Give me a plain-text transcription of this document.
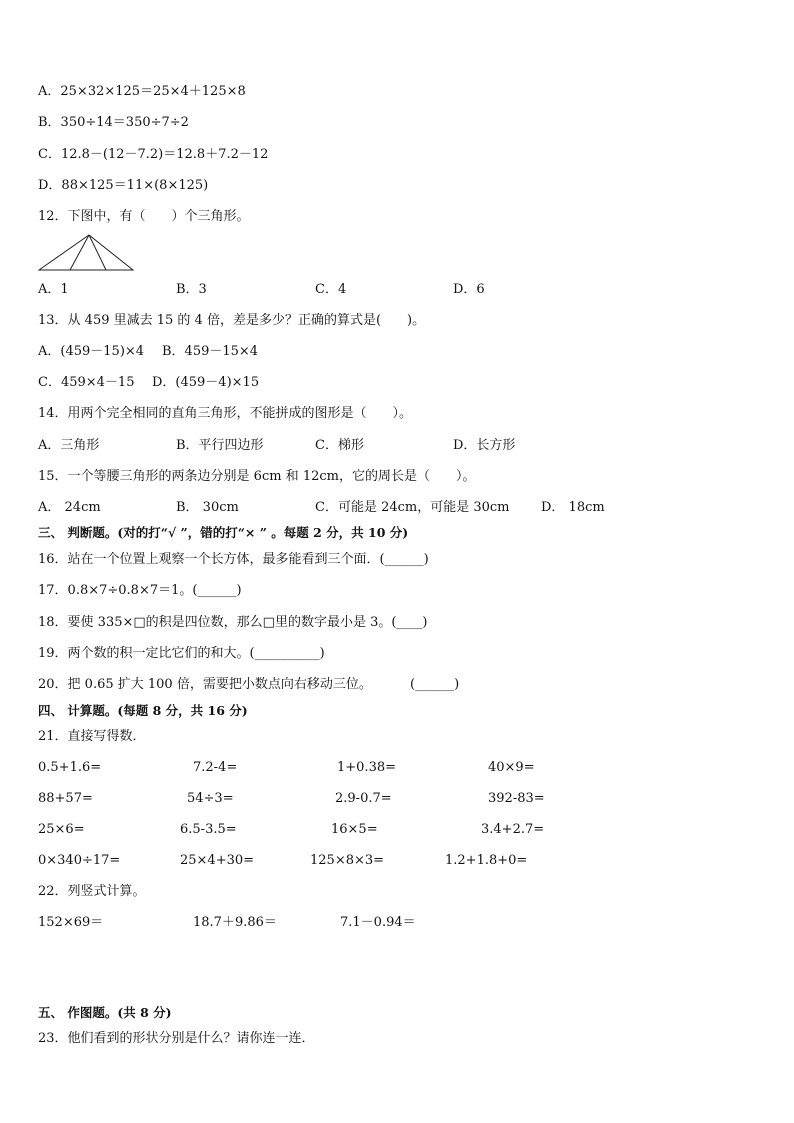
A．25×32×125＝25×4＋125×8
B．350÷14＝350÷7÷2
C．12.8－(12－7.2)＝12.8＋7.2－12
D．88×125＝11×(8×125)
12．下图中，有（　　）个三角形。
A．1	B．3	C．4	D．6
13．从 459 里减去 15 的 4 倍，差是多少？正确的算式是(　　)。
A．(459－15)×4 B．459－15×4
C．459×4－15 D．(459－4)×15
14．用两个完全相同的直角三角形，不能拼成的图形是（　　）。
A．三角形	B．平行四边形	C．梯形	D．长方形
15．一个等腰三角形的两条边分别是 6cm 和 12cm，它的周长是（　　）。
A． 24cm	B． 30cm	C．可能是 24cm，可能是 30cm D． 18cm
三、 判断题。(对的打“√ ”，错的打“× ” 。每题 2 分，共 10 分)
16．站在一个位置上观察一个长方体，最多能看到三个面．(______)
17．0.8×7÷0.8×7＝1。(______)
18．要使 335×□的积是四位数，那么□里的数字最小是 3。(____)
19．两个数的积一定比它们的和大。(__________)
20．把 0.65 扩大 100 倍，需要把小数点向右移动三位。	(______)
四、 计算题。(每题 8 分，共 16 分)
21．直接写得数．
0.5+1.6=	7.2-4=	1+0.38=	40×9=
88+57=	54÷3=	2.9-0.7=	392-83=
25×6=	6.5-3.5=	16×5=	3.4+2.7=
0×340÷17=	25×4+30=	125×8×3=	1.2+1.8+0=
22．列竖式计算。
152×69＝	18.7＋9.86＝	7.1－0.94＝
五、 作图题。(共 8 分)
23．他们看到的形状分别是什么？请你连一连．
